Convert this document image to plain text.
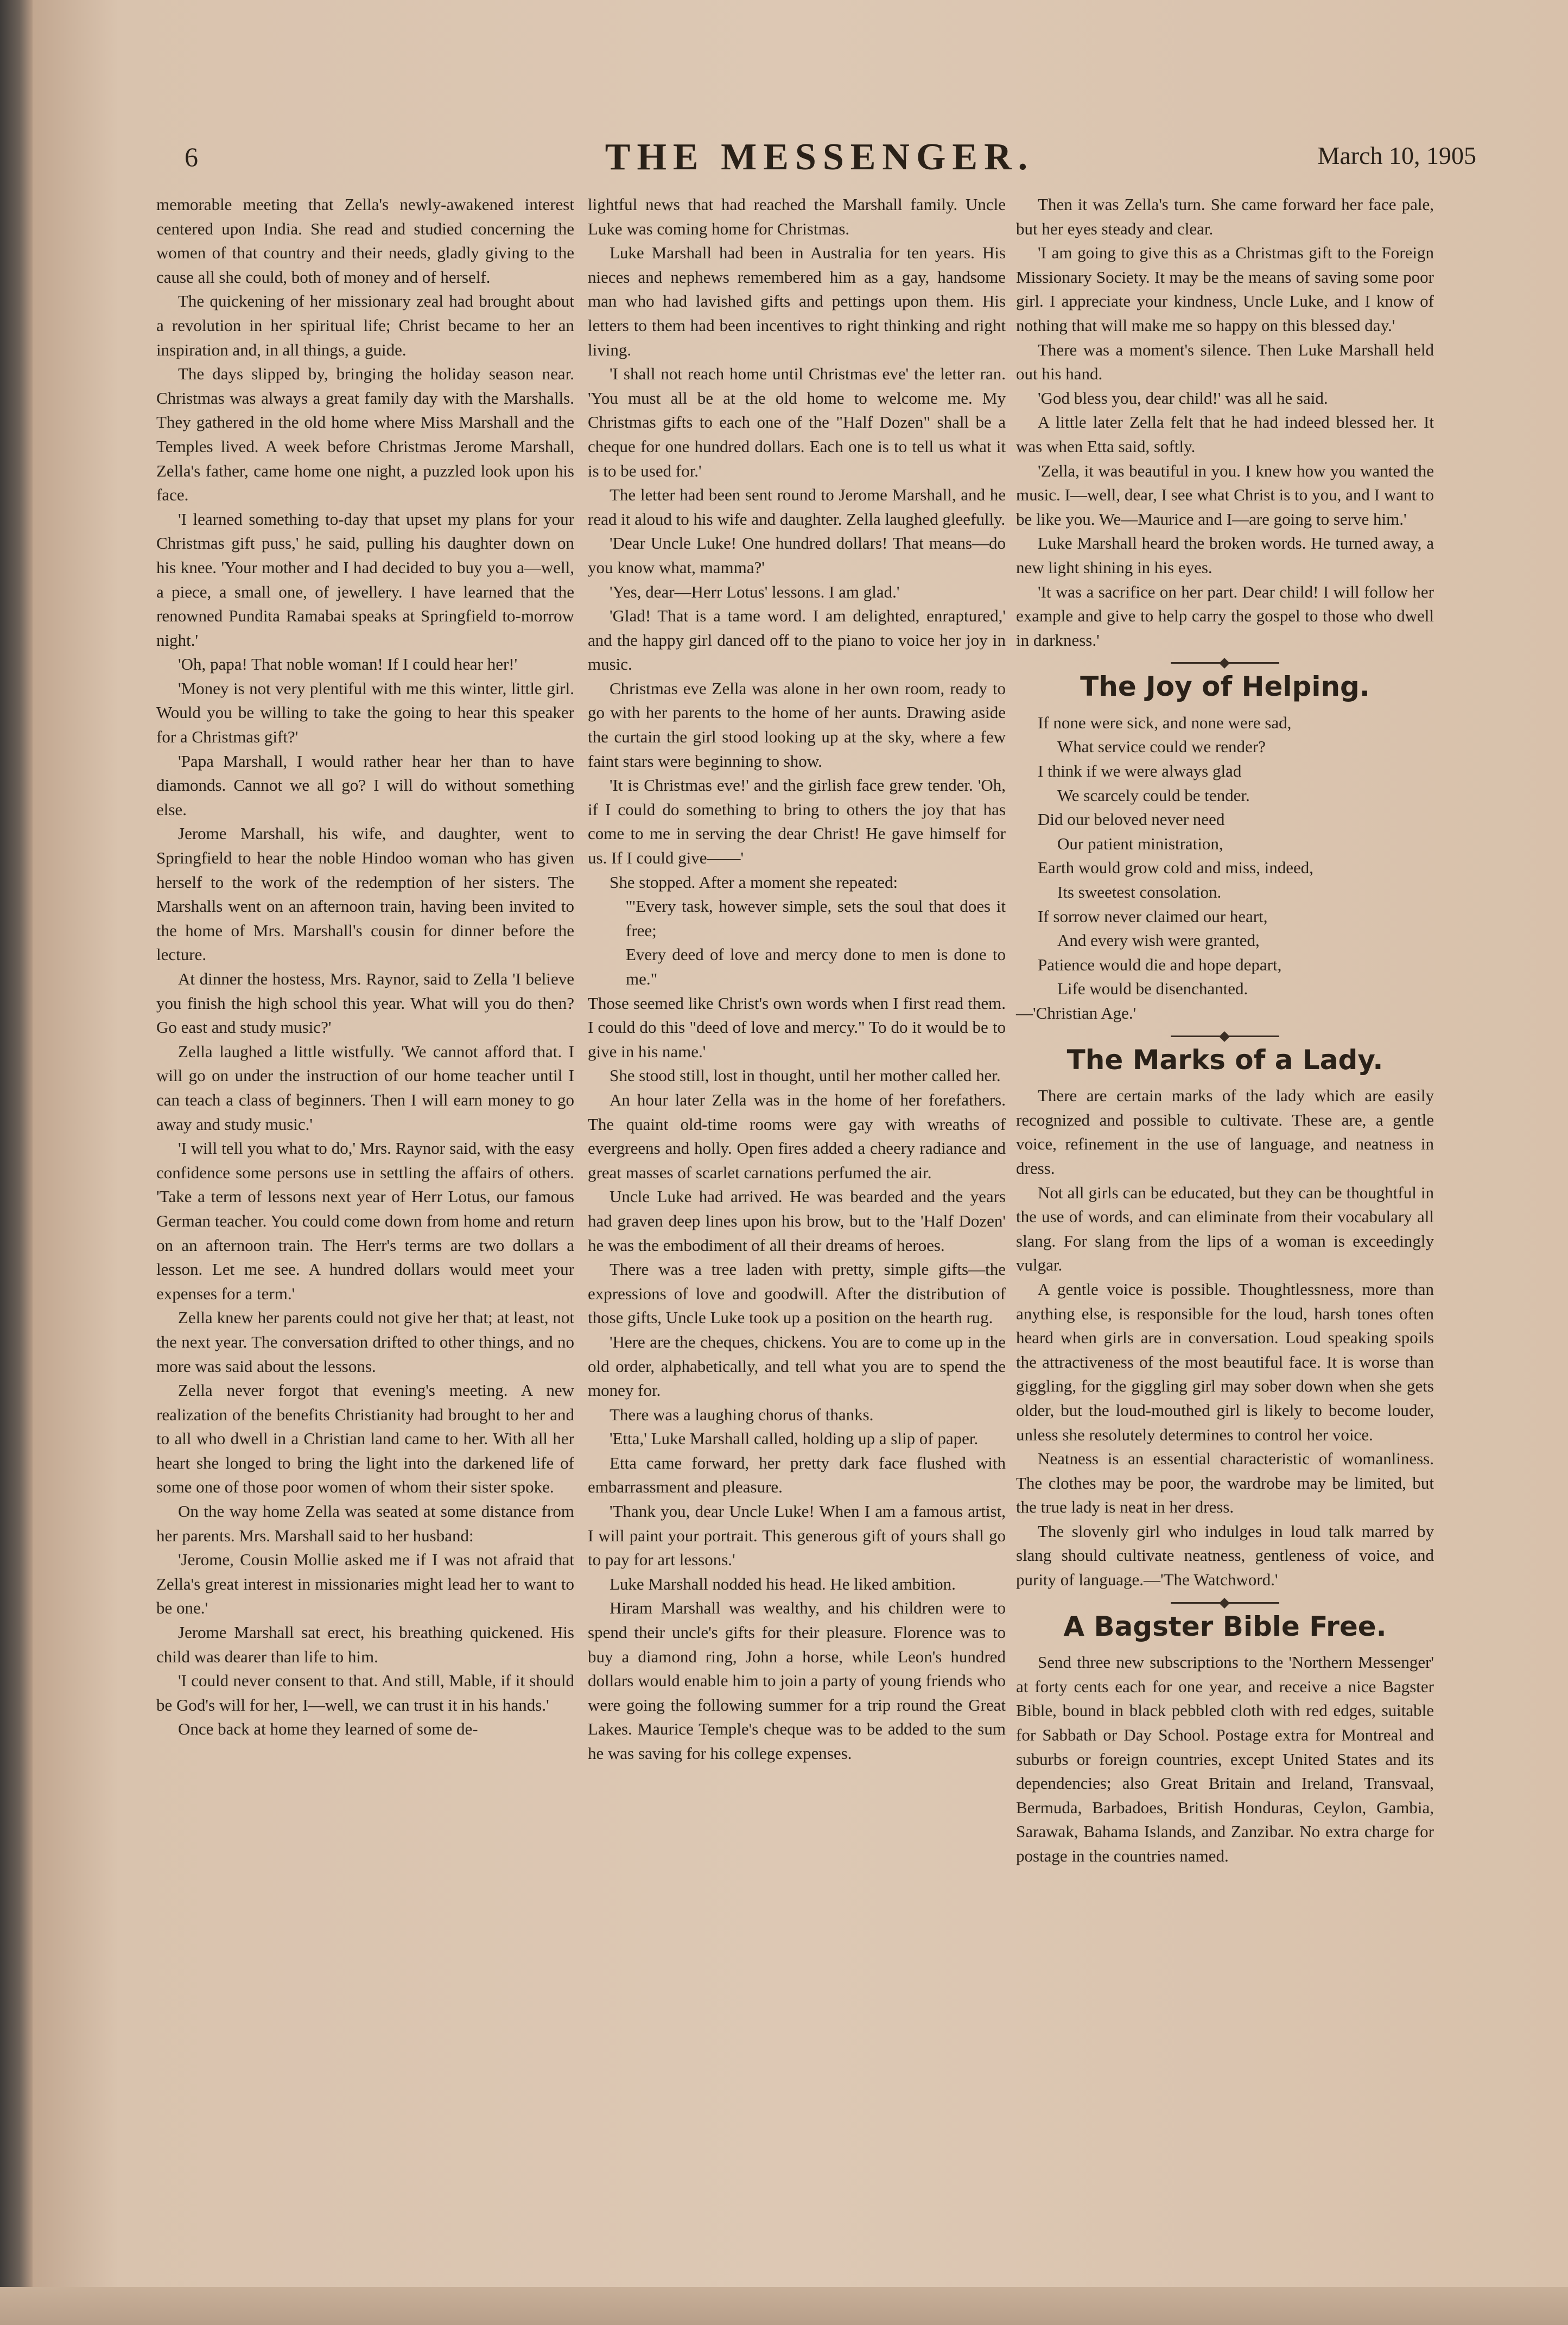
6	THE MESSENGER.	March 10, 1905

memorable meeting that Zella's newly-awakened interest centered upon India. She read and studied concerning the women of that country and their needs, gladly giving to the cause all she could, both of money and of herself.

The quickening of her missionary zeal had brought about a revolution in her spiritual life; Christ became to her an inspiration and, in all things, a guide.

The days slipped by, bringing the holiday season near. Christmas was always a great family day with the Marshalls. They gathered in the old home where Miss Marshall and the Temples lived. A week before Christmas Jerome Marshall, Zella's father, came home one night, a puzzled look upon his face.

'I learned something to-day that upset my plans for your Christmas gift puss,' he said, pulling his daughter down on his knee. 'Your mother and I had decided to buy you a—well, a piece, a small one, of jewellery. I have learned that the renowned Pundita Ramabai speaks at Springfield to-morrow night.'

'Oh, papa! That noble woman! If I could hear her!'

'Money is not very plentiful with me this winter, little girl. Would you be willing to take the going to hear this speaker for a Christmas gift?'

'Papa Marshall, I would rather hear her than to have diamonds. Cannot we all go? I will do without something else.

Jerome Marshall, his wife, and daughter, went to Springfield to hear the noble Hindoo woman who has given herself to the work of the redemption of her sisters. The Marshalls went on an afternoon train, having been invited to the home of Mrs. Marshall's cousin for dinner before the lecture.

At dinner the hostess, Mrs. Raynor, said to Zella 'I believe you finish the high school this year. What will you do then? Go east and study music?'

Zella laughed a little wistfully. 'We cannot afford that. I will go on under the instruction of our home teacher until I can teach a class of beginners. Then I will earn money to go away and study music.'

'I will tell you what to do,' Mrs. Raynor said, with the easy confidence some persons use in settling the affairs of others. 'Take a term of lessons next year of Herr Lotus, our famous German teacher. You could come down from home and return on an afternoon train. The Herr's terms are two dollars a lesson. Let me see. A hundred dollars would meet your expenses for a term.'

Zella knew her parents could not give her that; at least, not the next year. The conversation drifted to other things, and no more was said about the lessons.

Zella never forgot that evening's meeting. A new realization of the benefits Christianity had brought to her and to all who dwell in a Christian land came to her. With all her heart she longed to bring the light into the darkened life of some one of those poor women of whom their sister spoke.

On the way home Zella was seated at some distance from her parents. Mrs. Marshall said to her husband:

'Jerome, Cousin Mollie asked me if I was not afraid that Zella's great interest in missionaries might lead her to want to be one.'

Jerome Marshall sat erect, his breathing quickened. His child was dearer than life to him.

'I could never consent to that. And still, Mable, if it should be God's will for her, I—well, we can trust it in his hands.'

Once back at home they learned of some de-

lightful news that had reached the Marshall family. Uncle Luke was coming home for Christmas.

Luke Marshall had been in Australia for ten years. His nieces and nephews remembered him as a gay, handsome man who had lavished gifts and pettings upon them. His letters to them had been incentives to right thinking and right living.

'I shall not reach home until Christmas eve' the letter ran. 'You must all be at the old home to welcome me. My Christmas gifts to each one of the "Half Dozen" shall be a cheque for one hundred dollars. Each one is to tell us what it is to be used for.'

The letter had been sent round to Jerome Marshall, and he read it aloud to his wife and daughter. Zella laughed gleefully.

'Dear Uncle Luke! One hundred dollars! That means—do you know what, mamma?'

'Yes, dear—Herr Lotus' lessons. I am glad.'

'Glad! That is a tame word. I am delighted, enraptured,' and the happy girl danced off to the piano to voice her joy in music.

Christmas eve Zella was alone in her own room, ready to go with her parents to the home of her aunts. Drawing aside the curtain the girl stood looking up at the sky, where a few faint stars were beginning to show.

'It is Christmas eve!' and the girlish face grew tender. 'Oh, if I could do something to bring to others the joy that has come to me in serving the dear Christ! He gave himself for us. If I could give——'

She stopped. After a moment she repeated:

'"Every task, however simple, sets the soul that does it free;

Every deed of love and mercy done to men is done to me."

Those seemed like Christ's own words when I first read them. I could do this "deed of love and mercy." To do it would be to give in his name.'

She stood still, lost in thought, until her mother called her.

An hour later Zella was in the home of her forefathers. The quaint old-time rooms were gay with wreaths of evergreens and holly. Open fires added a cheery radiance and great masses of scarlet carnations perfumed the air.

Uncle Luke had arrived. He was bearded and the years had graven deep lines upon his brow, but to the 'Half Dozen' he was the embodiment of all their dreams of heroes.

There was a tree laden with pretty, simple gifts—the expressions of love and goodwill. After the distribution of those gifts, Uncle Luke took up a position on the hearth rug.

'Here are the cheques, chickens. You are to come up in the old order, alphabetically, and tell what you are to spend the money for.

There was a laughing chorus of thanks.

'Etta,' Luke Marshall called, holding up a slip of paper.

Etta came forward, her pretty dark face flushed with embarrassment and pleasure.

'Thank you, dear Uncle Luke! When I am a famous artist, I will paint your portrait. This generous gift of yours shall go to pay for art lessons.'

Luke Marshall nodded his head. He liked ambition.

Hiram Marshall was wealthy, and his children were to spend their uncle's gifts for their pleasure. Florence was to buy a diamond ring, John a horse, while Leon's hundred dollars would enable him to join a party of young friends who were going the following summer for a trip round the Great Lakes. Maurice Temple's cheque was to be added to the sum he was saving for his college expenses.

Then it was Zella's turn. She came forward her face pale, but her eyes steady and clear.

'I am going to give this as a Christmas gift to the Foreign Missionary Society. It may be the means of saving some poor girl. I appreciate your kindness, Uncle Luke, and I know of nothing that will make me so happy on this blessed day.'

There was a moment's silence. Then Luke Marshall held out his hand.

'God bless you, dear child!' was all he said.

A little later Zella felt that he had indeed blessed her. It was when Etta said, softly.

'Zella, it was beautiful in you. I knew how you wanted the music. I—well, dear, I see what Christ is to you, and I want to be like you. We—Maurice and I—are going to serve him.'

Luke Marshall heard the broken words. He turned away, a new light shining in his eyes.

'It was a sacrifice on her part. Dear child! I will follow her example and give to help carry the gospel to those who dwell in darkness.'

The Joy of Helping.
If none were sick, and none were sad,
What service could we render?
I think if we were always glad
We scarcely could be tender.
Did our beloved never need
Our patient ministration,
Earth would grow cold and miss, indeed,
Its sweetest consolation.
If sorrow never claimed our heart,
And every wish were granted,
Patience would die and hope depart,
Life would be disenchanted.

—'Christian Age.'

The Marks of a Lady.

There are certain marks of the lady which are easily recognized and possible to cultivate. These are, a gentle voice, refinement in the use of language, and neatness in dress.

Not all girls can be educated, but they can be thoughtful in the use of words, and can eliminate from their vocabulary all slang. For slang from the lips of a woman is exceedingly vulgar.

A gentle voice is possible. Thoughtlessness, more than anything else, is responsible for the loud, harsh tones often heard when girls are in conversation. Loud speaking spoils the attractiveness of the most beautiful face. It is worse than giggling, for the giggling girl may sober down when she gets older, but the loud-mouthed girl is likely to become louder, unless she resolutely determines to control her voice.

Neatness is an essential characteristic of womanliness. The clothes may be poor, the wardrobe may be limited, but the true lady is neat in her dress.

The slovenly girl who indulges in loud talk marred by slang should cultivate neatness, gentleness of voice, and purity of language.—'The Watchword.'

A Bagster Bible Free.

Send three new subscriptions to the 'Northern Messenger' at forty cents each for one year, and receive a nice Bagster Bible, bound in black pebbled cloth with red edges, suitable for Sabbath or Day School. Postage extra for Montreal and suburbs or foreign countries, except United States and its dependencies; also Great Britain and Ireland, Transvaal, Bermuda, Barbadoes, British Honduras, Ceylon, Gambia, Sarawak, Bahama Islands, and Zanzibar. No extra charge for postage in the countries named.
